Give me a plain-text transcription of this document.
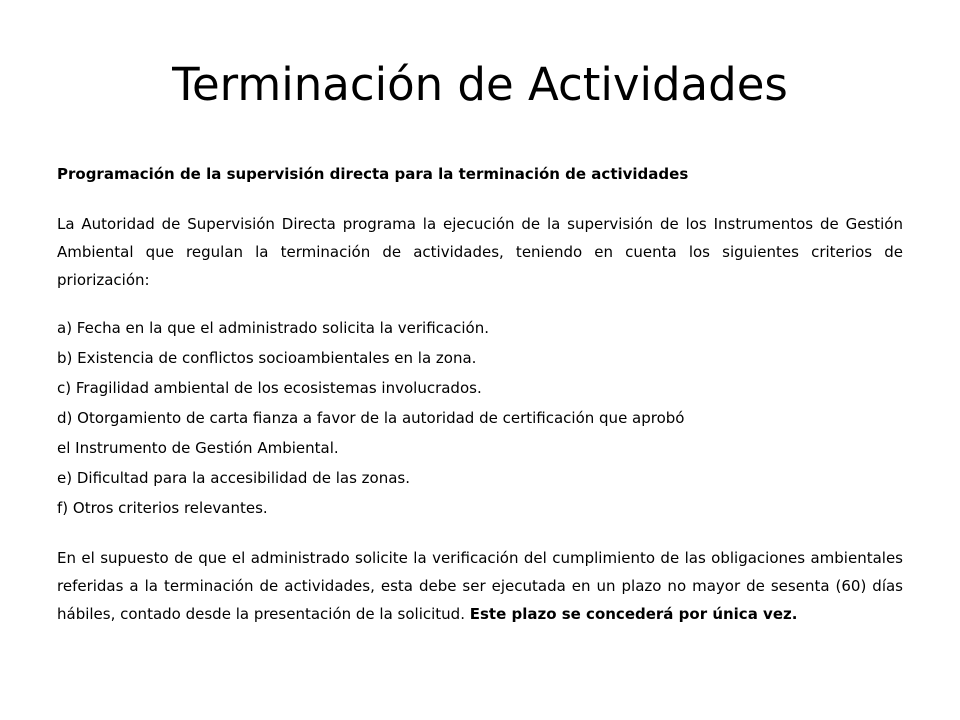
Terminación de Actividades

Programación de la supervisión directa para la terminación de actividades

La Autoridad de Supervisión Directa programa la ejecución de la supervisión de los Instrumentos de Gestión Ambiental que regulan la terminación de actividades, teniendo en cuenta los siguientes criterios de priorización:

a) Fecha en la que el administrado solicita la verificación.
b) Existencia de conflictos socioambientales en la zona.
c) Fragilidad ambiental de los ecosistemas involucrados.
d) Otorgamiento de carta fianza a favor de la autoridad de certificación que aprobó
el Instrumento de Gestión Ambiental.
e) Dificultad para la accesibilidad de las zonas.
f) Otros criterios relevantes.

En el supuesto de que el administrado solicite la verificación del cumplimiento de las obligaciones ambientales referidas a la terminación de actividades, esta debe ser ejecutada en un plazo no mayor de sesenta (60) días hábiles, contado desde la presentación de la solicitud. Este plazo se concederá por única vez.
